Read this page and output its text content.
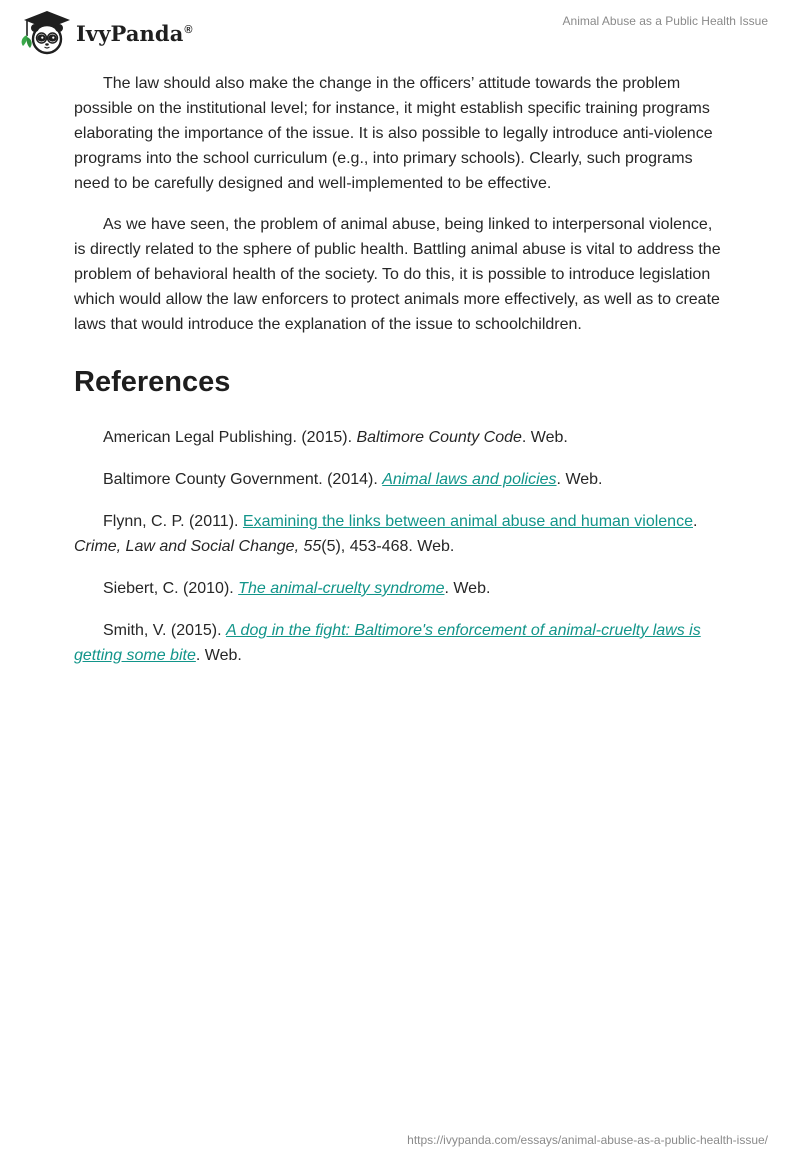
IvyPanda®
Animal Abuse as a Public Health Issue

The law should also make the change in the officers’ attitude towards the problem possible on the institutional level; for instance, it might establish specific training programs elaborating the importance of the issue. It is also possible to legally introduce anti-violence programs into the school curriculum (e.g., into primary schools). Clearly, such programs need to be carefully designed and well-implemented to be effective.

As we have seen, the problem of animal abuse, being linked to interpersonal violence, is directly related to the sphere of public health. Battling animal abuse is vital to address the problem of behavioral health of the society. To do this, it is possible to introduce legislation which would allow the law enforcers to protect animals more effectively, as well as to create laws that would introduce the explanation of the issue to schoolchildren.

References

American Legal Publishing. (2015). Baltimore County Code. Web.

Baltimore County Government. (2014). Animal laws and policies. Web.

Flynn, C. P. (2011). Examining the links between animal abuse and human violence. Crime, Law and Social Change, 55(5), 453-468. Web.

Siebert, C. (2010). The animal-cruelty syndrome. Web.

Smith, V. (2015). A dog in the fight: Baltimore's enforcement of animal-cruelty laws is getting some bite. Web.

https://ivypanda.com/essays/animal-abuse-as-a-public-health-issue/
